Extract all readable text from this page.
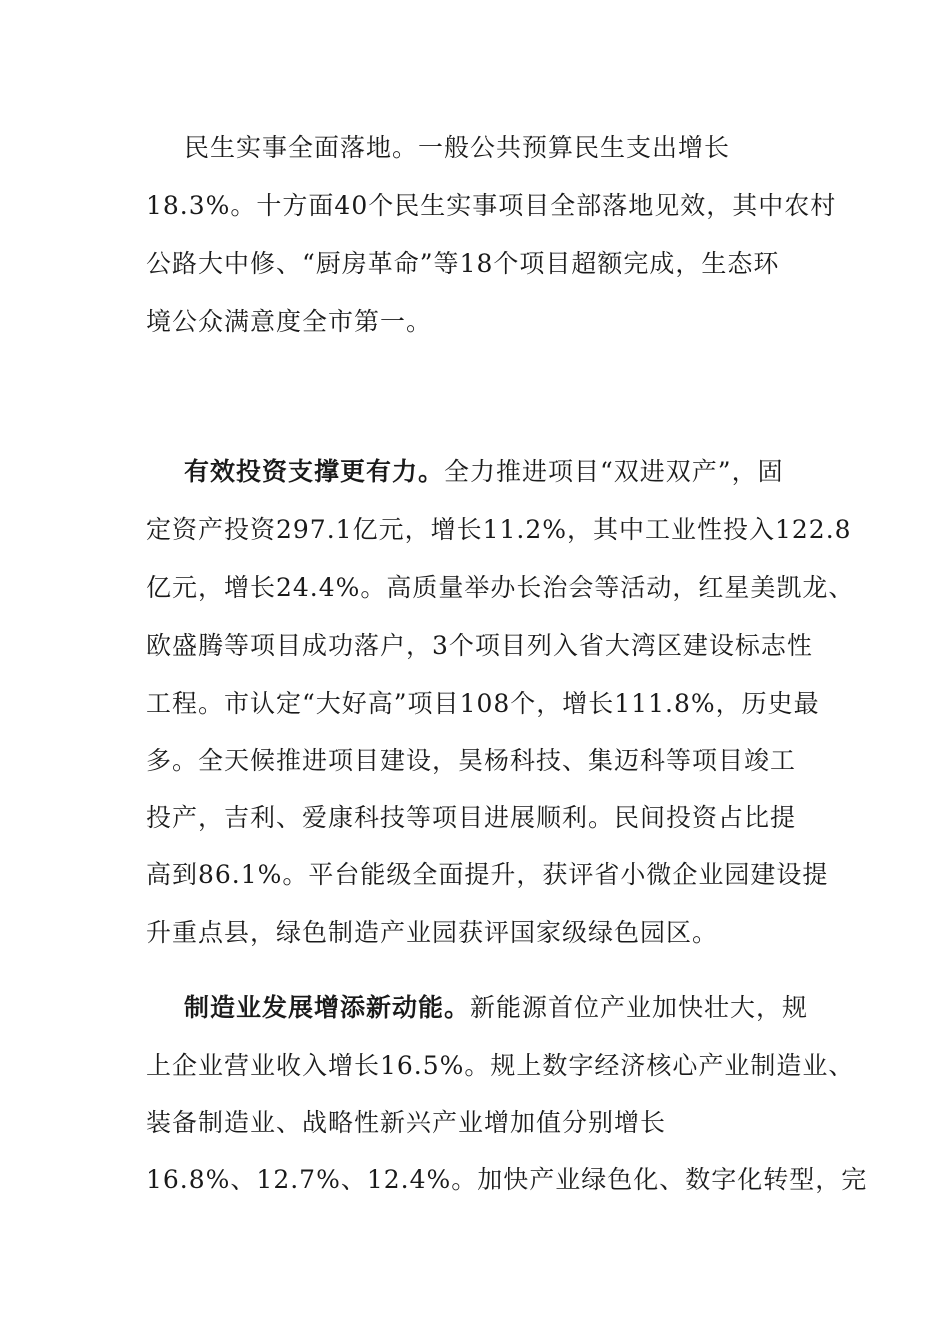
民生实事全面落地。一般公共预算民生支出增长
18.3%。十方面40个民生实事项目全部落地见效，其中农村
公路大中修、“厨房革命”等18个项目超额完成，生态环
境公众满意度全市第一。
有效投资支撑更有力。全力推进项目“双进双产”，固
定资产投资297.1亿元，增长11.2%，其中工业性投入122.8
亿元，增长24.4%。高质量举办长治会等活动，红星美凯龙、
欧盛腾等项目成功落户，3个项目列入省大湾区建设标志性
工程。市认定“大好高”项目108个，增长111.8%，历史最
多。全天候推进项目建设，昊杨科技、集迈科等项目竣工
投产，吉利、爱康科技等项目进展顺利。民间投资占比提
高到86.1%。平台能级全面提升，获评省小微企业园建设提
升重点县，绿色制造产业园获评国家级绿色园区。
制造业发展增添新动能。新能源首位产业加快壮大，规
上企业营业收入增长16.5%。规上数字经济核心产业制造业、
装备制造业、战略性新兴产业增加值分别增长
16.8%、12.7%、12.4%。加快产业绿色化、数字化转型，完
